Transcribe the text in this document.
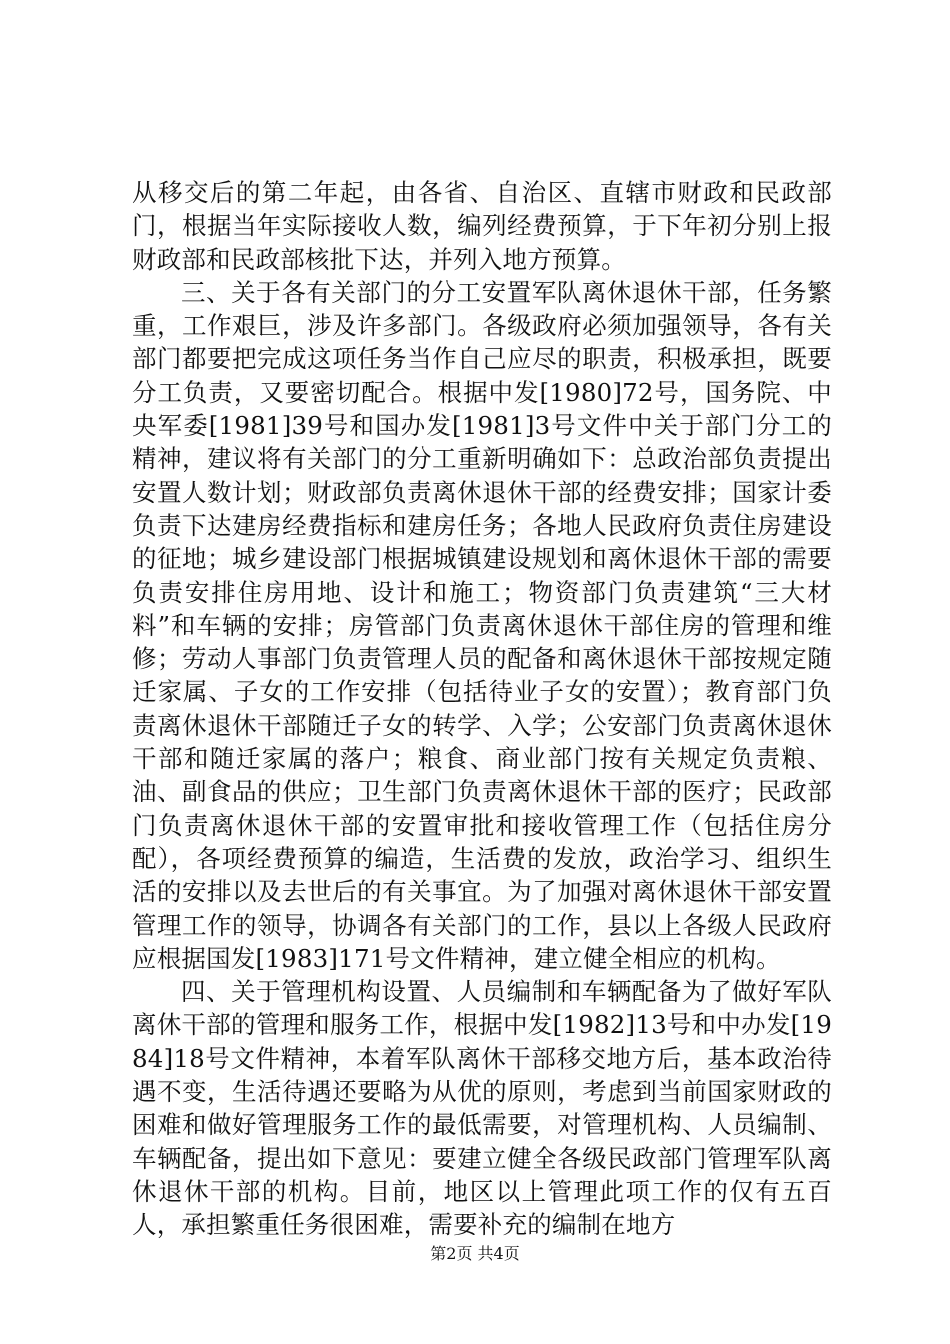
从移交后的第二年起，由各省、自治区、直辖市财政和民政部门，根据当年实际接收人数，编列经费预算，于下年初分别上报财政部和民政部核批下达，并列入地方预算。

三、关于各有关部门的分工安置军队离休退休干部，任务繁重，工作艰巨，涉及许多部门。各级政府必须加强领导，各有关部门都要把完成这项任务当作自己应尽的职责，积极承担，既要分工负责，又要密切配合。根据中发[1980]72号，国务院、中央军委[1981]39号和国办发[1981]3号文件中关于部门分工的精神，建议将有关部门的分工重新明确如下：总政治部负责提出安置人数计划；财政部负责离休退休干部的经费安排；国家计委负责下达建房经费指标和建房任务；各地人民政府负责住房建设的征地；城乡建设部门根据城镇建设规划和离休退休干部的需要负责安排住房用地、设计和施工；物资部门负责建筑“三大材料”和车辆的安排；房管部门负责离休退休干部住房的管理和维修；劳动人事部门负责管理人员的配备和离休退休干部按规定随迁家属、子女的工作安排（包括待业子女的安置）；教育部门负责离休退休干部随迁子女的转学、入学；公安部门负责离休退休干部和随迁家属的落户；粮食、商业部门按有关规定负责粮、油、副食品的供应；卫生部门负责离休退休干部的医疗；民政部门负责离休退休干部的安置审批和接收管理工作（包括住房分配），各项经费预算的编造，生活费的发放，政治学习、组织生活的安排以及去世后的有关事宜。为了加强对离休退休干部安置管理工作的领导，协调各有关部门的工作，县以上各级人民政府应根据国发[1983]171号文件精神，建立健全相应的机构。

四、关于管理机构设置、人员编制和车辆配备为了做好军队离休干部的管理和服务工作，根据中发[1982]13号和中办发[1984]18号文件精神，本着军队离休干部移交地方后，基本政治待遇不变，生活待遇还要略为从优的原则，考虑到当前国家财政的困难和做好管理服务工作的最低需要，对管理机构、人员编制、车辆配备，提出如下意见：要建立健全各级民政部门管理军队离休退休干部的机构。目前，地区以上管理此项工作的仅有五百人，承担繁重任务很困难，需要补充的编制在地方

第2页 共4页
